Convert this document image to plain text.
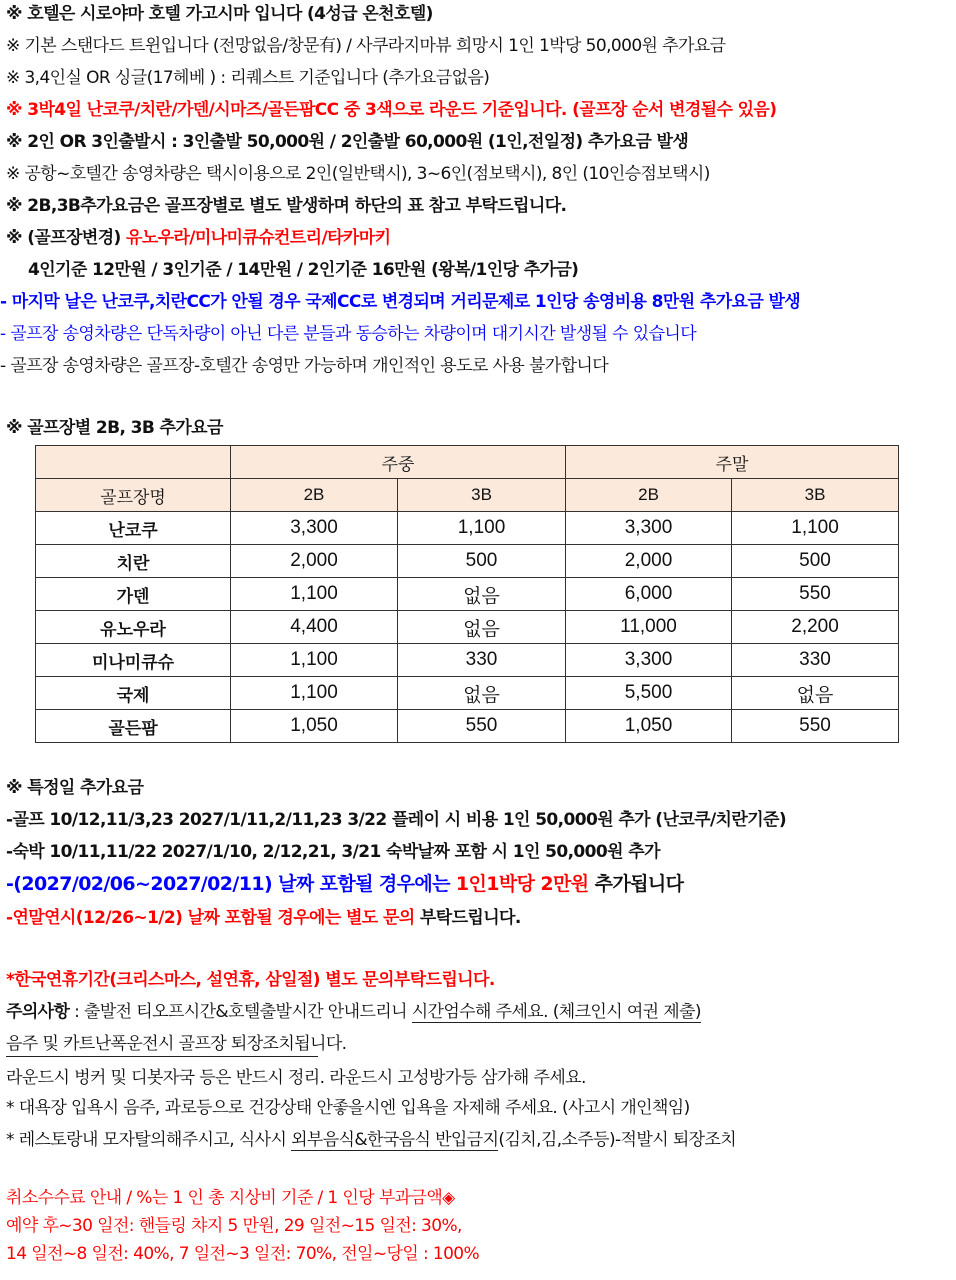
※ 호텔은 시로야마 호텔 가고시마 입니다 (4성급 온천호텔)
※ 기본 스탠다드 트윈입니다 (전망없음/창문有) / 사쿠라지마뷰 희망시 1인 1박당 50,000원 추가요금
※ 3,4인실 OR 싱글(17헤베 ) : 리퀘스트 기준입니다 (추가요금없음)
※ 3박4일 난코쿠/치란/가덴/시마즈/골든팜CC 중 3색으로 라운드 기준입니다. (골프장 순서 변경될수 있음)
※ 2인 OR 3인출발시 : 3인출발 50,000원 / 2인출발 60,000원 (1인,전일정) 추가요금 발생
※ 공항~호텔간 송영차량은 택시이용으로 2인(일반택시), 3~6인(점보택시), 8인 (10인승점보택시)
※ 2B,3B추가요금은 골프장별로 별도 발생하며 하단의 표 참고 부탁드립니다.
※ (골프장변경) 유노우라/미나미큐슈컨트리/타카마키
4인기준 12만원 / 3인기준 / 14만원 / 2인기준 16만원 (왕복/1인당 추가금)
- 마지막 날은 난코쿠,치란CC가 안될 경우 국제CC로 변경되며 거리문제로 1인당 송영비용 8만원 추가요금 발생
- 골프장 송영차량은 단독차량이 아닌 다른 분들과 동승하는 차량이며 대기시간 발생될 수 있습니다
- 골프장 송영차량은 골프장-호텔간 송영만 가능하며 개인적인 용도로 사용 불가합니다
※ 골프장별 2B, 3B 추가요금
	주중		주말	
골프장명	2B	3B	2B	3B
난코쿠	3,300	1,100	3,300	1,100
치란	2,000	500	2,000	500
가덴	1,100	없음	6,000	550
유노우라	4,400	없음	11,000	2,200
미나미큐슈	1,100	330	3,300	330
국제	1,100	없음	5,500	없음
골든팜	1,050	550	1,050	550
※ 특정일 추가요금
-골프 10/12,11/3,23 2027/1/11,2/11,23 3/22 플레이 시 비용 1인 50,000원 추가 (난코쿠/치란기준)
-숙박 10/11,11/22 2027/1/10, 2/12,21, 3/21 숙박날짜 포함 시 1인 50,000원 추가
-(2027/02/06~2027/02/11) 날짜 포함될 경우에는 1인1박당 2만원 추가됩니다
-연말연시(12/26~1/2) 날짜 포함될 경우에는 별도 문의 부탁드립니다.
*한국연휴기간(크리스마스, 설연휴, 삼일절) 별도 문의부탁드립니다.
주의사항 : 출발전 티오프시간&호텔출발시간 안내드리니 시간엄수해 주세요. (체크인시 여권 제출)
음주 및 카트난폭운전시 골프장 퇴장조치됩니다.
라운드시 벙커 및 디봇자국 등은 반드시 정리. 라운드시 고성방가등 삼가해 주세요.
* 대욕장 입욕시 음주, 과로등으로 건강상태 안좋을시엔 입욕을 자제해 주세요. (사고시 개인책임)
* 레스토랑내 모자탈의해주시고, 식사시 외부음식&한국음식 반입금지(김치,김,소주등)-적발시 퇴장조치
취소수수료 안내 / %는 1 인 총 지상비 기준 / 1 인당 부과금액◈
예약 후~30 일전: 핸들링 챠지 5 만원, 29 일전~15 일전: 30%,
14 일전~8 일전: 40%, 7 일전~3 일전: 70%, 전일~당일 : 100%
